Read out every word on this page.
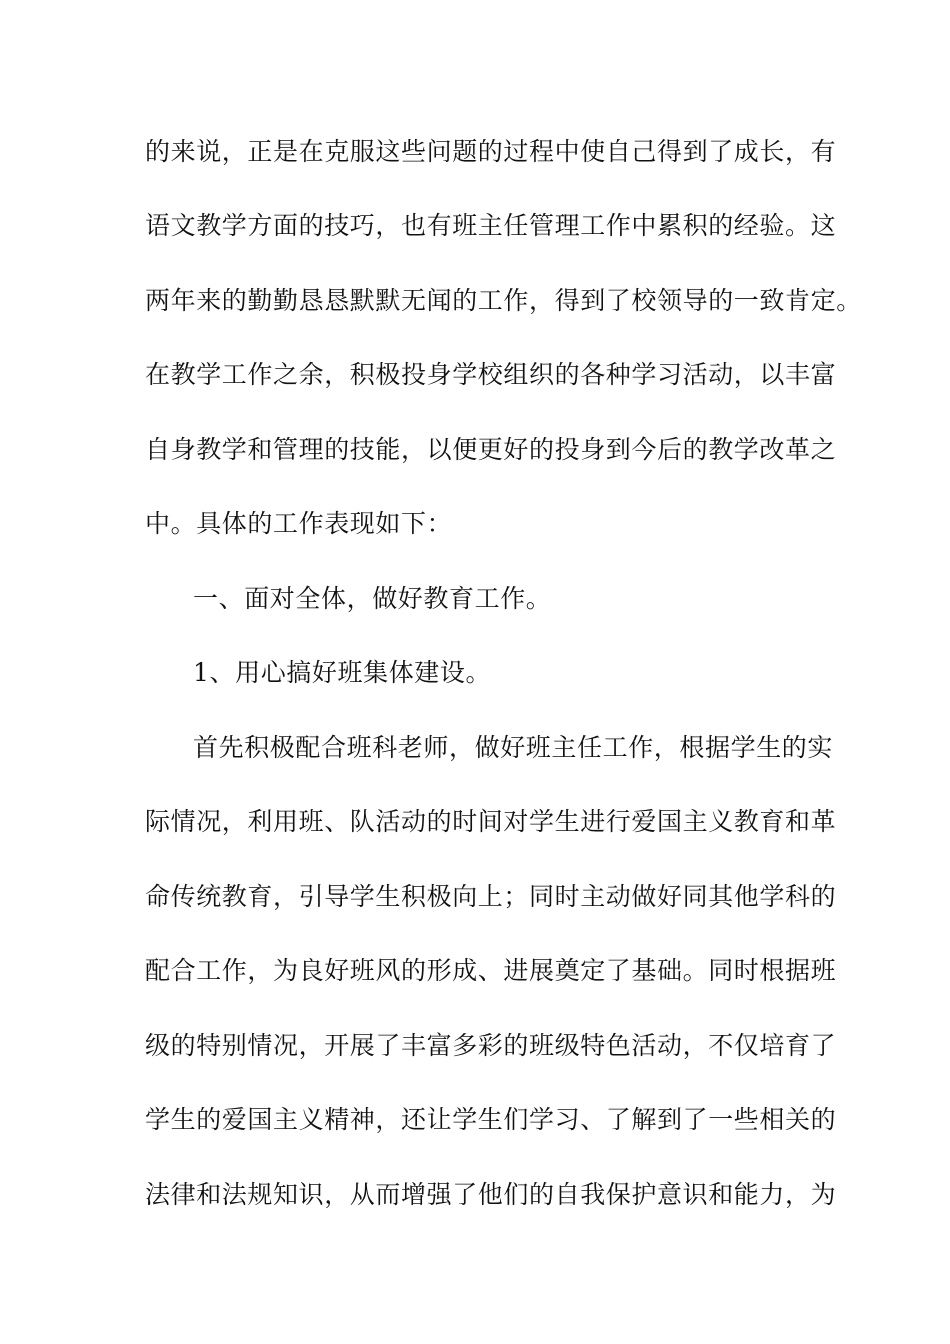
的来说，正是在克服这些问题的过程中使自己得到了成长，有
语文教学方面的技巧，也有班主任管理工作中累积的经验。这
两年来的勤勤恳恳默默无闻的工作，得到了校领导的一致肯定。
在教学工作之余，积极投身学校组织的各种学习活动，以丰富
自身教学和管理的技能，以便更好的投身到今后的教学改革之
中。具体的工作表现如下：
一、面对全体，做好教育工作。
1、用心搞好班集体建设。
首先积极配合班科老师，做好班主任工作，根据学生的实
际情况，利用班、队活动的时间对学生进行爱国主义教育和革
命传统教育，引导学生积极向上；同时主动做好同其他学科的
配合工作，为良好班风的形成、进展奠定了基础。同时根据班
级的特别情况，开展了丰富多彩的班级特色活动，不仅培育了
学生的爱国主义精神，还让学生们学习、了解到了一些相关的
法律和法规知识，从而增强了他们的自我保护意识和能力，为
